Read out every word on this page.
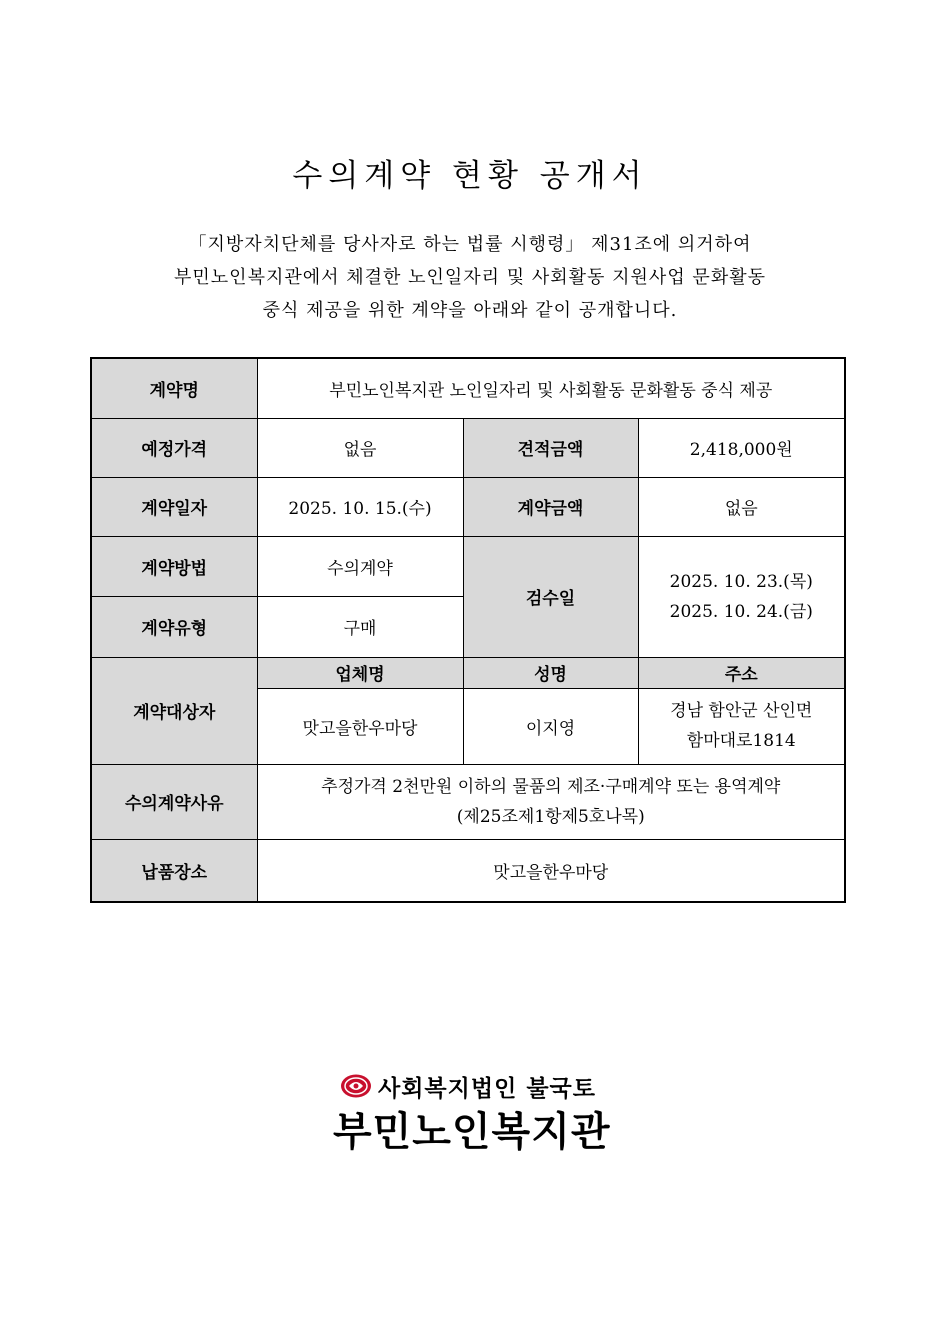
수의계약 현황 공개서

「지방자치단체를 당사자로 하는 법률 시행령」 제31조에 의거하여

부민노인복지관에서 체결한 노인일자리 및 사회활동 지원사업 문화활동

중식 제공을 위한 계약을 아래와 같이 공개합니다.

계약명	부민노인복지관 노인일자리 및 사회활동 문화활동 중식 제공		
예정가격	없음	견적금액	2,418,000원
계약일자	2025. 10. 15.(수)	계약금액	없음
계약방법	수의계약	검수일	2025. 10. 23.(목)
2025. 10. 24.(금)

계약유형	구매		
계약대상자	업체명	성명	주소
	맛고을한우마당	이지영	경남 함안군 산인면
함마대로1814

수의계약사유	추정가격 2천만원 이하의 물품의 제조·구매계약 또는 용역계약
(제25조제1항제5호나목)		

납품장소	맛고을한우마당		
사회복지법인 불국토
부민노인복지관
